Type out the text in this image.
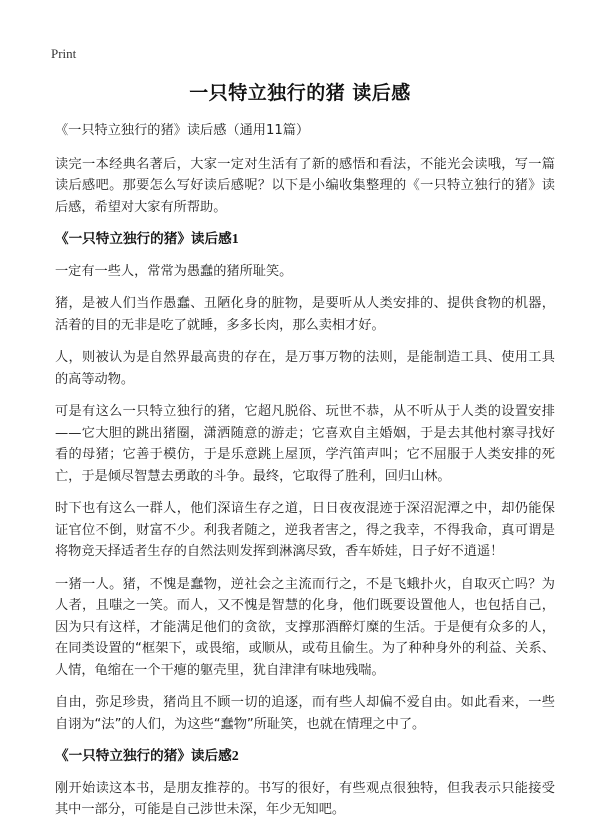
Print
一只特立独行的猪 读后感

《一只特立独行的猪》读后感（通用11篇）

读完一本经典名著后，大家一定对生活有了新的感悟和看法，不能光会读哦，写一篇读后感吧。那要怎么写好读后感呢？以下是小编收集整理的《一只特立独行的猪》读后感，希望对大家有所帮助。

《一只特立独行的猪》读后感1

一定有一些人，常常为愚蠢的猪所耻笑。

猪，是被人们当作愚蠢、丑陋化身的脏物，是要听从人类安排的、提供食物的机器，活着的目的无非是吃了就睡，多多长肉，那么卖相才好。

人，则被认为是自然界最高贵的存在，是万事万物的法则，是能制造工具、使用工具的高等动物。

可是有这么一只特立独行的猪，它超凡脱俗、玩世不恭，从不听从于人类的设置安排——它大胆的跳出猪圈，潇洒随意的游走；它喜欢自主婚姻，于是去其他村寨寻找好看的母猪；它善于模仿，于是乐意跳上屋顶，学汽笛声叫；它不屈服于人类安排的死亡，于是倾尽智慧去勇敢的斗争。最终，它取得了胜利，回归山林。

时下也有这么一群人，他们深谙生存之道，日日夜夜混迹于深沼泥潭之中，却仍能保证官位不倒，财富不少。利我者随之，逆我者害之，得之我幸，不得我命，真可谓是将物竞天择适者生存的自然法则发挥到淋漓尽致，香车娇娃，日子好不逍遥！

一猪一人。猪，不愧是蠢物，逆社会之主流而行之，不是飞蛾扑火，自取灭亡吗？为人者，且嗤之一笑。而人，又不愧是智慧的化身，他们既要设置他人，也包括自己，因为只有这样，才能满足他们的贪欲，支撑那酒醉灯糜的生活。于是便有众多的人，在同类设置的“框架下，或畏缩，或顺从，或苟且偷生。为了种种身外的利益、关系、人情，龟缩在一个干瘪的躯壳里，犹自津津有味地残喘。

自由，弥足珍贵，猪尚且不顾一切的追逐，而有些人却偏不爱自由。如此看来，一些自诩为“法”的人们，为这些“蠢物”所耻笑，也就在情理之中了。

《一只特立独行的猪》读后感2

刚开始读这本书，是朋友推荐的。书写的很好，有些观点很独特，但我表示只能接受其中一部分，可能是自己涉世未深，年少无知吧。
